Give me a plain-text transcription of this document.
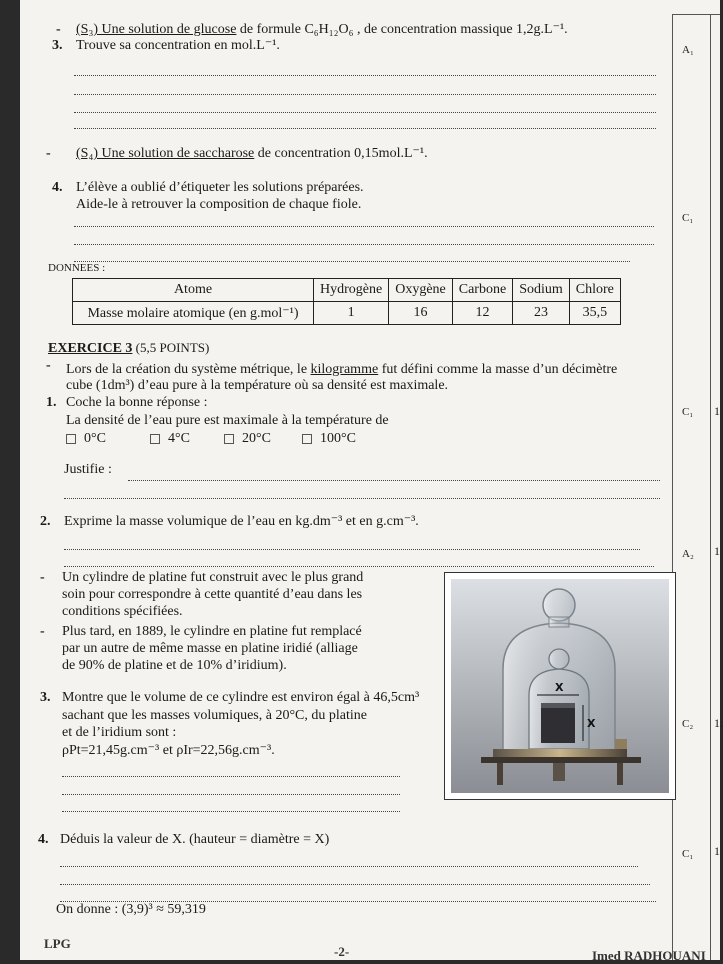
A₁
C₁
C₁
A₂
C₂
C₁
1
1
1.
1
- (S₃) Une solution de glucose de formule C₆H₁₂O₆ , de concentration massique 1,2g.L⁻¹.
3. Trouve sa concentration en mol.L⁻¹.
- (S₄) Une solution de saccharose de concentration 0,15mol.L⁻¹.
4. L’élève a oublié d’étiqueter les solutions préparées.
Aide-le à retrouver la composition de chaque fiole.
DONNEES :
Atome	Hydrogène	Oxygène	Carbone	Sodium	Chlore
Masse molaire atomique (en g.mol⁻¹)	1	16	12	23	35,5
EXERCICE 3 (5,5 POINTS)
- Lors de la création du système métrique, le kilogramme fut défini comme la masse d’un décimètre
cube (1dm³) d’eau pure à la température où sa densité est maximale.
1. Coche la bonne réponse :
La densité de l’eau pure est maximale à la température de
0°C	4°C	20°C	100°C
Justifie :
2. Exprime la masse volumique de l’eau en kg.dm⁻³ et en g.cm⁻³.
- Un cylindre de platine fut construit avec le plus grand
soin pour correspondre à cette quantité d’eau dans les
conditions spécifiées.
- Plus tard, en 1889, le cylindre en platine fut remplacé
par un autre de même masse en platine iridié (alliage
de 90% de platine et de 10% d’iridium).
3. Montre que le volume de ce cylindre est environ égal à 46,5cm³
sachant que les masses volumiques, à 20°C, du platine
et de l’iridium sont :
ρPt=21,45g.cm⁻³ et ρIr=22,56g.cm⁻³.
X
X
4. Déduis la valeur de X. (hauteur = diamètre = X)
On donne : (3,9)³ ≈ 59,319
LPG
-2-	Imed RADHOUANI
